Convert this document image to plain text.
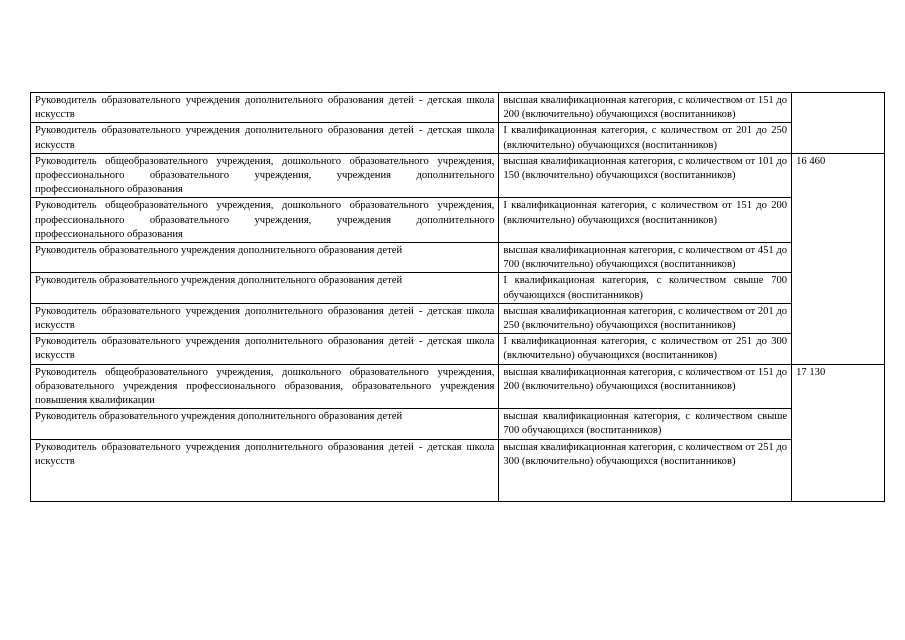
Руководитель образовательного учреждения дополнительного образования детей - детская школа искусств	высшая квалификационная категория, с количеством от 151 до 200 (включительно) обучающихся (воспитанников)	
Руководитель образовательного учреждения дополнительного образования детей - детская школа искусств	I квалификационная категория, с количеством от 201 до 250 (включительно) обучающихся (воспитанников)	
Руководитель общеобразовательного учреждения, дошкольного образовательного учреждения, профессионального образовательного учреждения, учреждения дополнительного профессионального образования	высшая квалификационная категория, с количеством от 101 до 150 (включительно) обучающихся (воспитанников)	16 460
Руководитель общеобразовательного учреждения, дошкольного образовательного учреждения, профессионального образовательного учреждения, учреждения дополнительного профессионального образования	I квалификационная категория, с количеством от 151 до 200 (включительно) обучающихся (воспитанников)	
Руководитель образовательного учреждения дополнительного образования детей	высшая квалификационная категория, с количеством от 451 до 700 (включительно) обучающихся (воспитанников)	
Руководитель образовательного учреждения дополнительного образования детей	I квалификационая категория, с количеством свыше 700 обучающихся (воспитанников)	
Руководитель образовательного учреждения дополнительного образования детей - детская школа искусств	высшая квалификационная категория, с количеством от 201 до 250 (включительно) обучающихся (воспитанников)	
Руководитель образовательного учреждения дополнительного образования детей - детская школа искусств	I квалификационная категория, с количеством от 251 до 300 (включительно) обучающихся (воспитанников)	
Руководитель общеобразовательного учреждения, дошкольного образовательного учреждения, образовательного учреждения профессионального образования, образовательного учреждения повышения квалификации	высшая квалификационная категория, с количеством от 151 до 200 (включительно) обучающихся (воспитанников)	17 130
Руководитель образовательного учреждения дополнительного образования детей	высшая квалификационная категория, с количеством свыше 700 обучающихся (воспитанников)	
Руководитель образовательного учреждения дополнительного образования детей - детская школа искусств	высшая квалификационная категория, с количеством от 251 до 300 (включительно) обучающихся (воспитанников)	
